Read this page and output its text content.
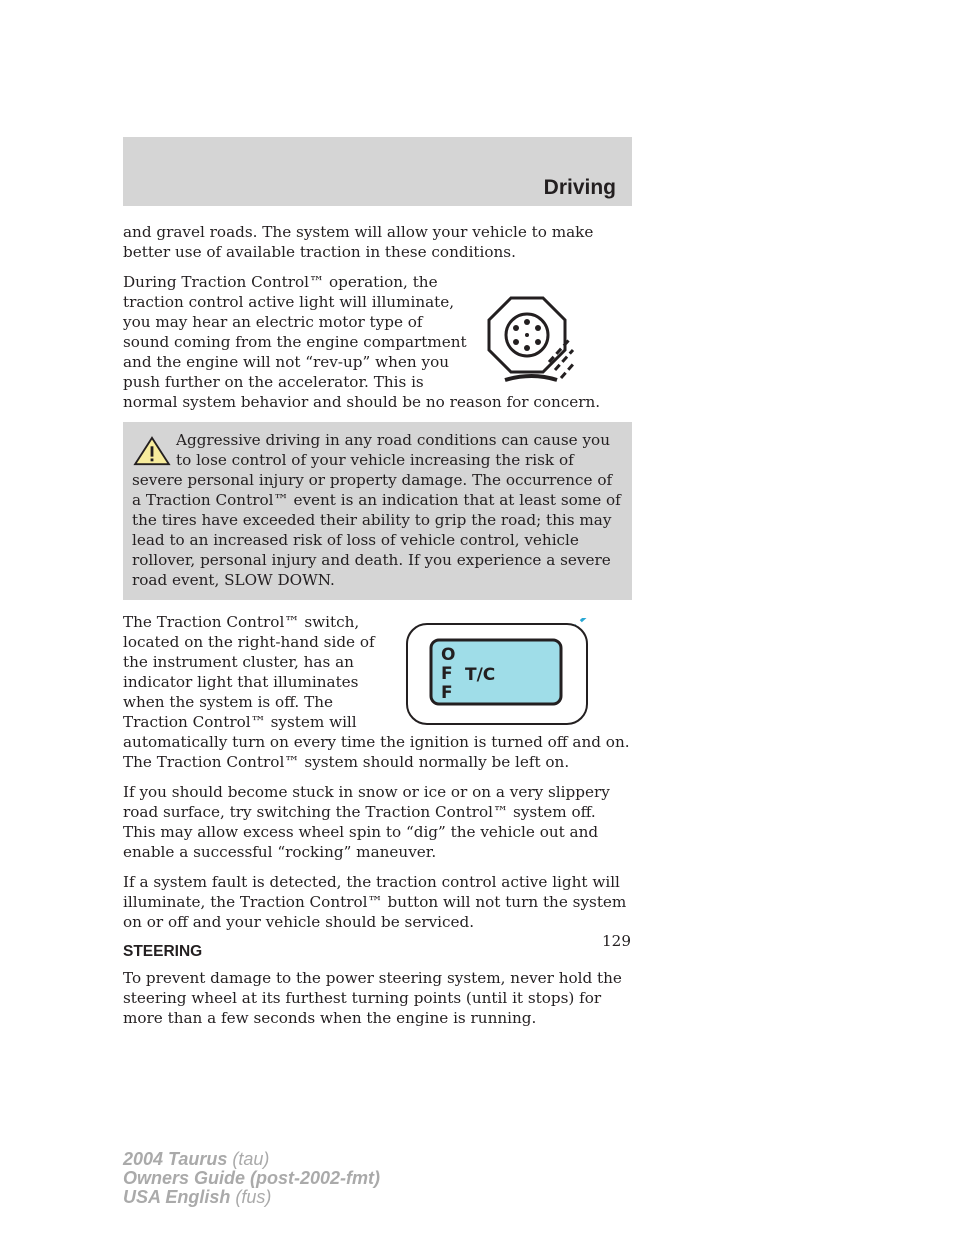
Driving

and gravel roads. The system will allow your vehicle to make better use of available traction in these conditions.

During Traction Control™ operation, the traction control active light will illuminate, you may hear an electric motor type of sound coming from the engine compartment and the engine will not “rev-up” when you push further on the accelerator. This is normal system behavior and should be no reason for concern.

Aggressive driving in any road conditions can cause you to lose control of your vehicle increasing the risk of severe personal injury or property damage. The occurrence of a Traction Control™ event is an indication that at least some of the tires have exceeded their ability to grip the road; this may lead to an increased risk of loss of vehicle control, vehicle rollover, personal injury and death. If you experience a severe road event, SLOW DOWN.
O
F
F
T/C

The Traction Control™ switch, located on the right-hand side of the instrument cluster, has an indicator light that illuminates when the system is off. The Traction Control™ system will automatically turn on every time the ignition is turned off and on. The Traction Control™ system should normally be left on.

If you should become stuck in snow or ice or on a very slippery road surface, try switching the Traction Control™ system off. This may allow excess wheel spin to “dig” the vehicle out and enable a successful “rocking” maneuver.

If a system fault is detected, the traction control active light will illuminate, the Traction Control™ button will not turn the system on or off and your vehicle should be serviced.

STEERING

To prevent damage to the power steering system, never hold the steering wheel at its furthest turning points (until it stops) for more than a few seconds when the engine is running.

129
2004 Taurus (tau)
Owners Guide (post-2002-fmt)
USA English (fus)
